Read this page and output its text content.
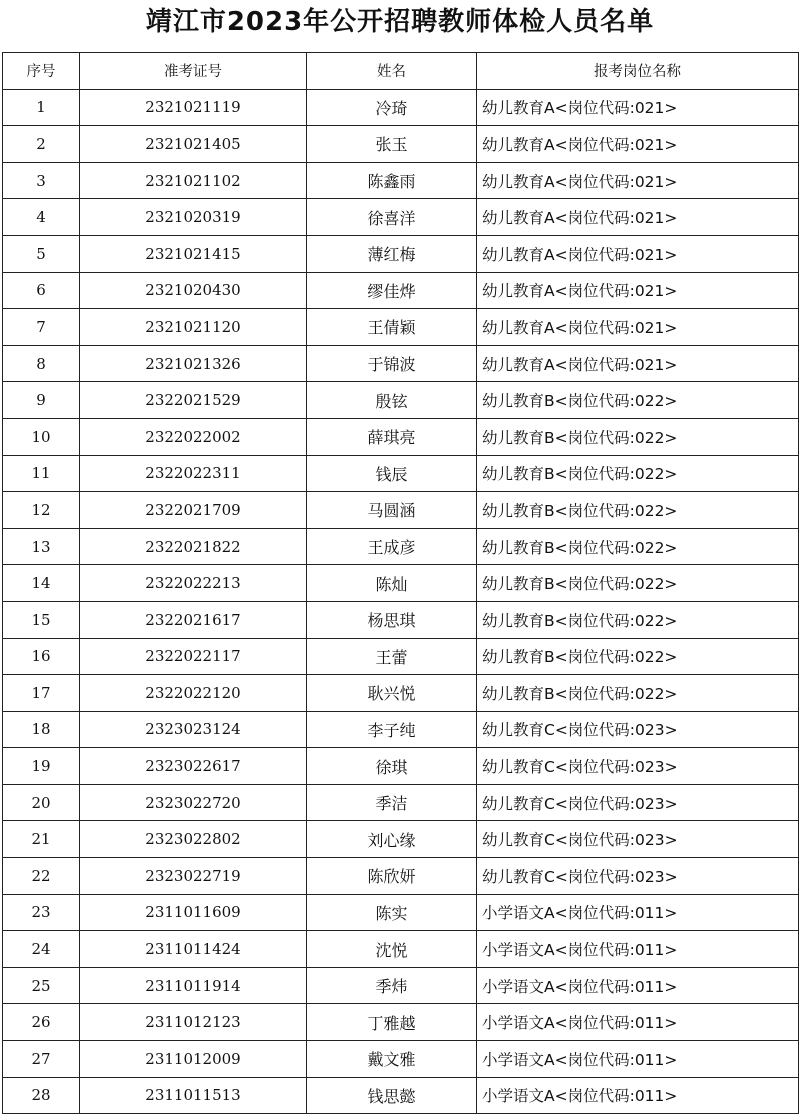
靖江市2023年公开招聘教师体检人员名单
序号	准考证号	姓名	报考岗位名称
1	2321021119	冷琦	幼儿教育A<岗位代码:021>
2	2321021405	张玉	幼儿教育A<岗位代码:021>
3	2321021102	陈鑫雨	幼儿教育A<岗位代码:021>
4	2321020319	徐喜洋	幼儿教育A<岗位代码:021>
5	2321021415	薄红梅	幼儿教育A<岗位代码:021>
6	2321020430	缪佳烨	幼儿教育A<岗位代码:021>
7	2321021120	王倩颖	幼儿教育A<岗位代码:021>
8	2321021326	于锦波	幼儿教育A<岗位代码:021>
9	2322021529	殷铉	幼儿教育B<岗位代码:022>
10	2322022002	薛琪亮	幼儿教育B<岗位代码:022>
11	2322022311	钱辰	幼儿教育B<岗位代码:022>
12	2322021709	马圆涵	幼儿教育B<岗位代码:022>
13	2322021822	王成彦	幼儿教育B<岗位代码:022>
14	2322022213	陈灿	幼儿教育B<岗位代码:022>
15	2322021617	杨思琪	幼儿教育B<岗位代码:022>
16	2322022117	王蕾	幼儿教育B<岗位代码:022>
17	2322022120	耿兴悦	幼儿教育B<岗位代码:022>
18	2323023124	李子纯	幼儿教育C<岗位代码:023>
19	2323022617	徐琪	幼儿教育C<岗位代码:023>
20	2323022720	季洁	幼儿教育C<岗位代码:023>
21	2323022802	刘心缘	幼儿教育C<岗位代码:023>
22	2323022719	陈欣妍	幼儿教育C<岗位代码:023>
23	2311011609	陈实	小学语文A<岗位代码:011>
24	2311011424	沈悦	小学语文A<岗位代码:011>
25	2311011914	季炜	小学语文A<岗位代码:011>
26	2311012123	丁雅越	小学语文A<岗位代码:011>
27	2311012009	戴文雅	小学语文A<岗位代码:011>
28	2311011513	钱思懿	小学语文A<岗位代码:011>
